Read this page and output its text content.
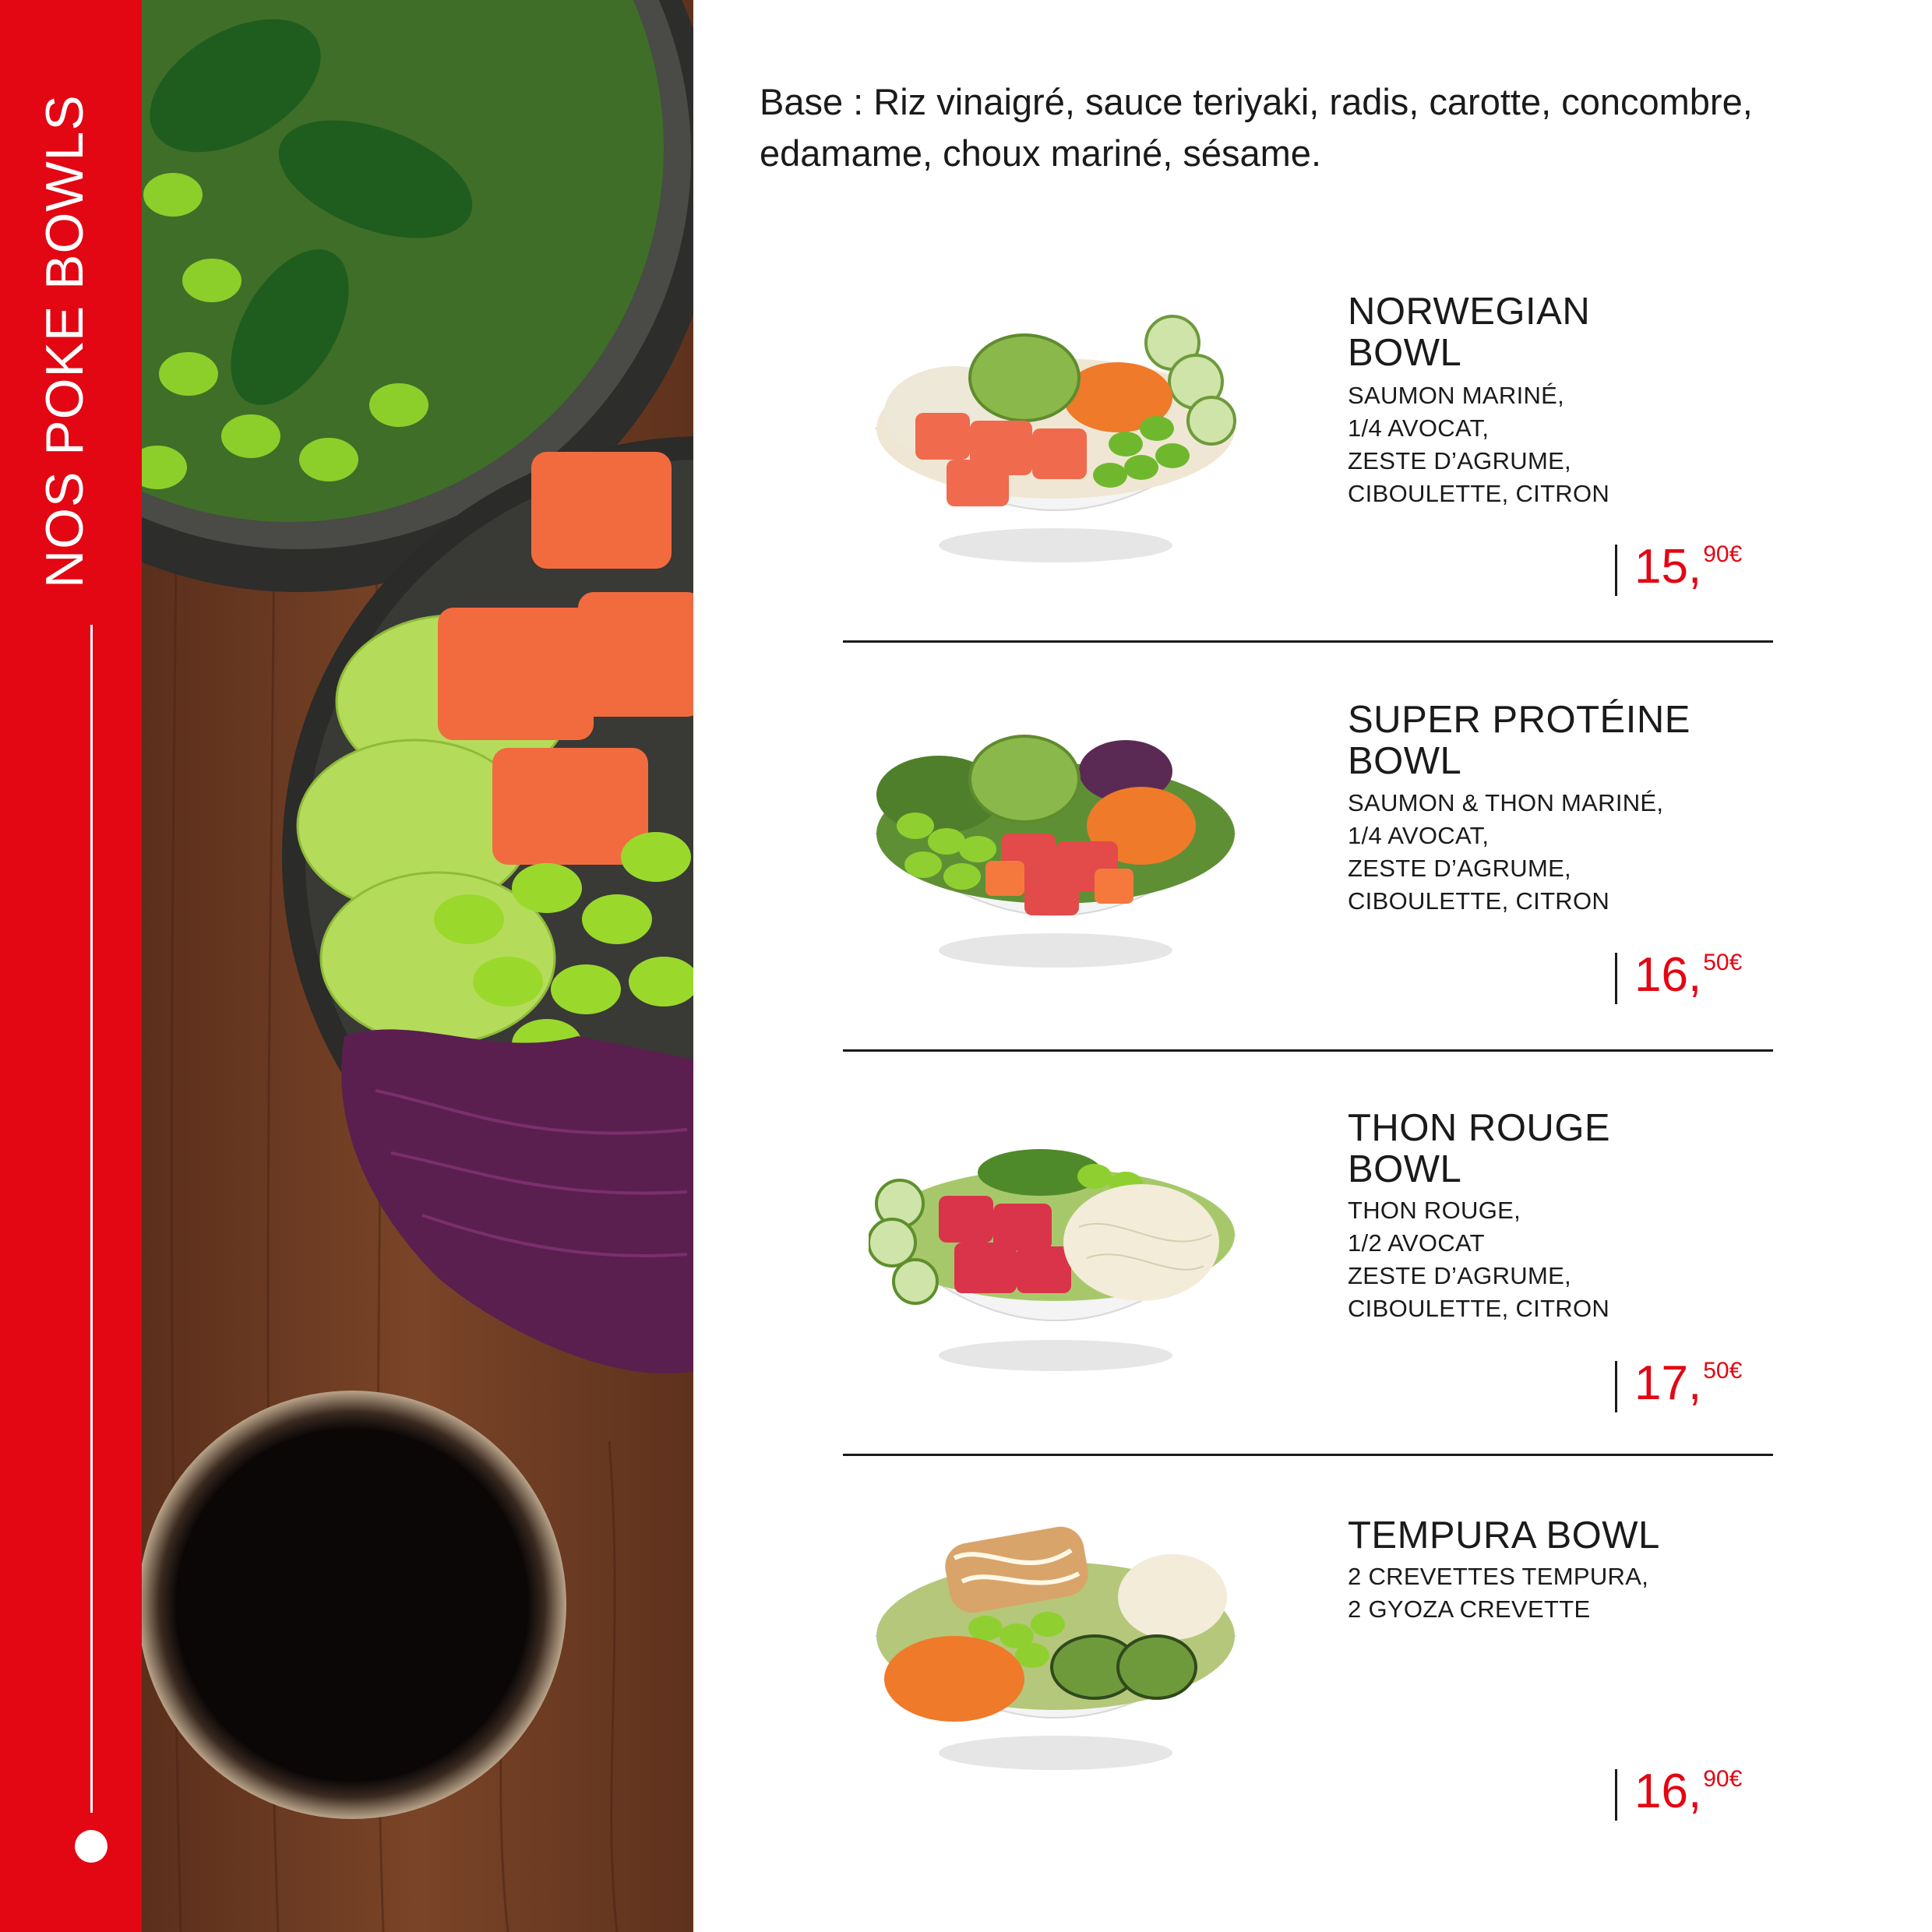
NOS POKE BOWLS	Base : Riz vinaigré, sauce teriyaki, radis, carotte, concombre, edamame, choux mariné, sésame.
NORWEGIAN
BOWL
SAUMON MARINÉ,
1/4 AVOCAT,
ZESTE D’AGRUME,
CIBOULETTE, CITRON
15, 90€
SUPER PROTÉINE
BOWL
SAUMON & THON MARINÉ,
1/4 AVOCAT,
ZESTE D’AGRUME,
CIBOULETTE, CITRON
16, 50€
THON ROUGE
BOWL
THON ROUGE,
1/2 AVOCAT
ZESTE D’AGRUME,
CIBOULETTE, CITRON
17, 50€
TEMPURA BOWL
2 CREVETTES TEMPURA,
2 GYOZA CREVETTE
16, 90€
